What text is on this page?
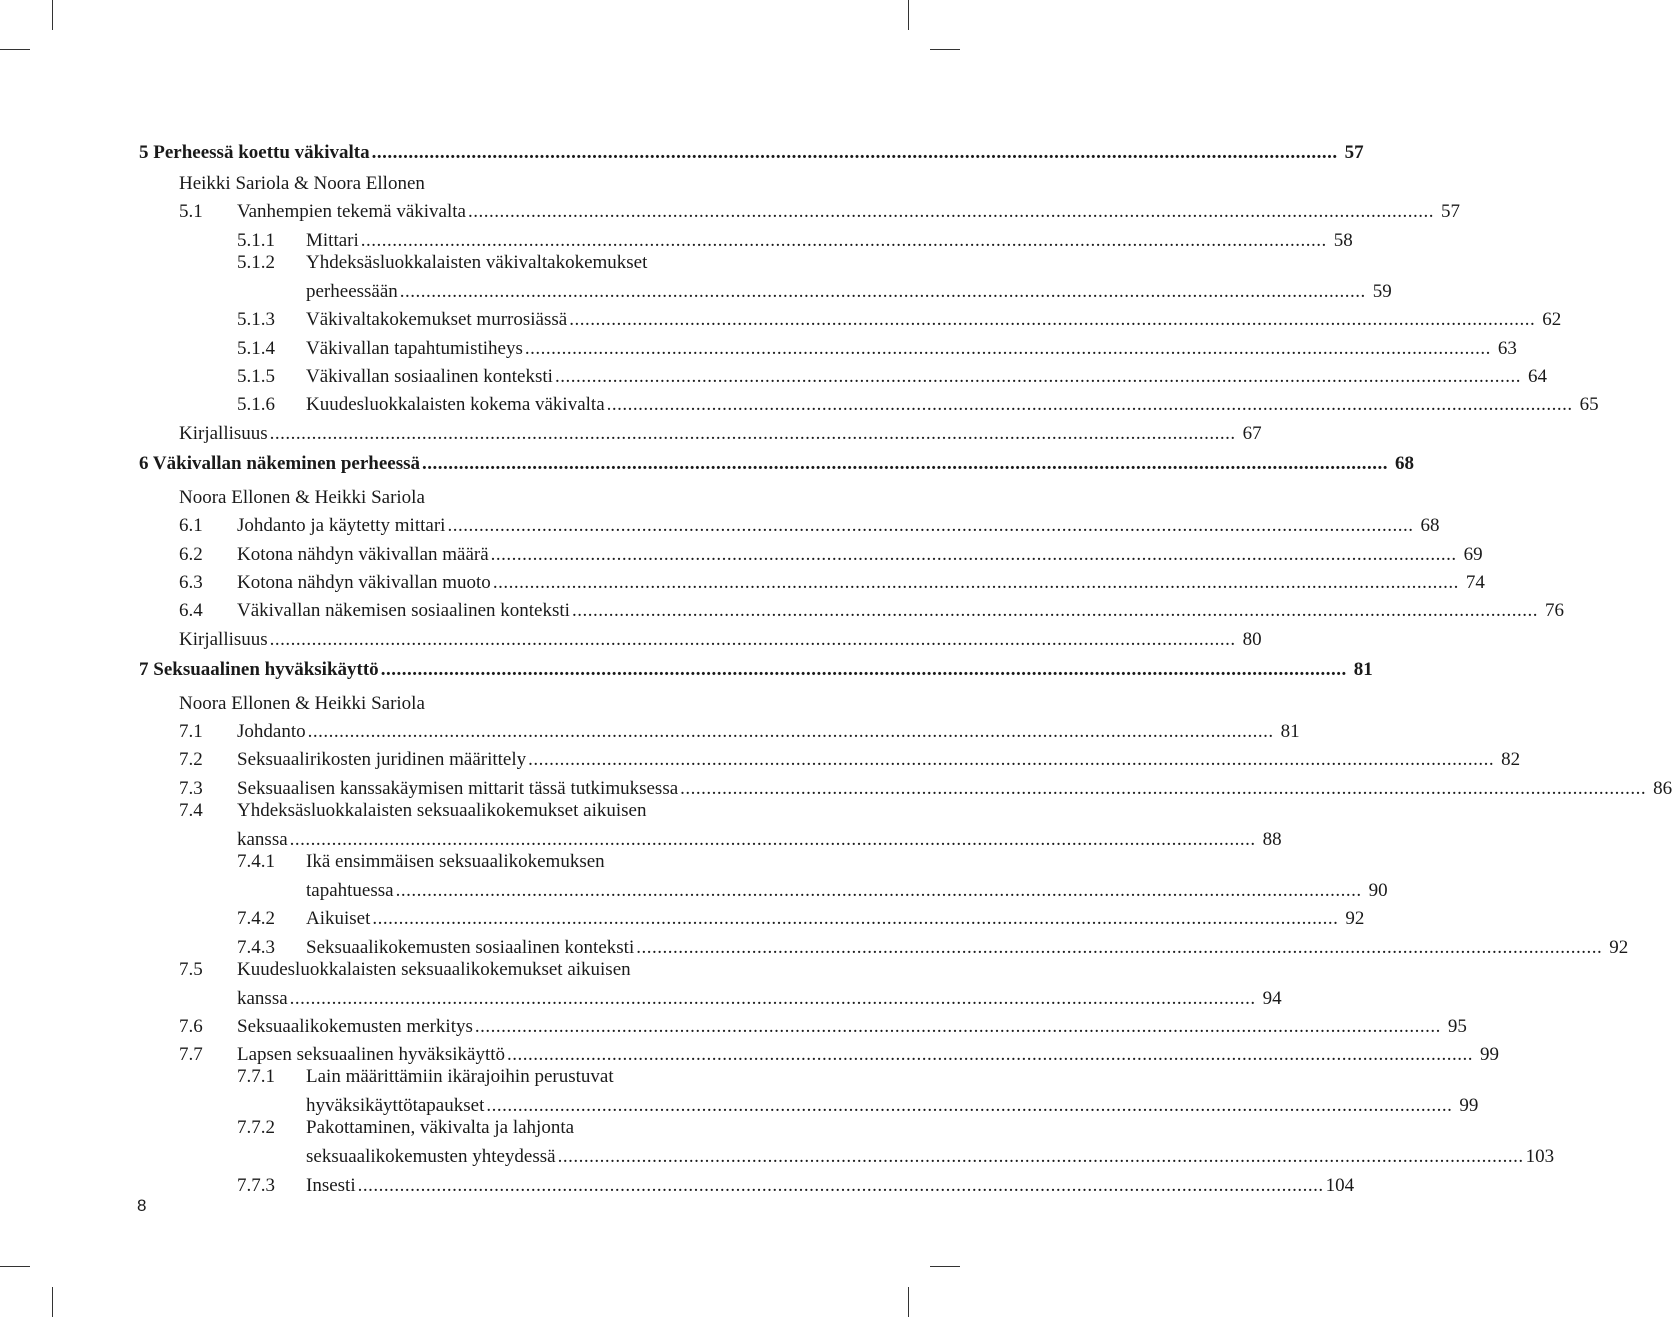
5 Perheessä koettu väkivalta .....	57
Heikki Sariola & Noora Ellonen
5.1	Vanhempien tekemä väkivalta .....	57
5.1.1	Mittari .....	58
5.1.2	Yhdeksäsluokkalaisten väkivaltakokemukset
perheessään .....	59
5.1.3	Väkivaltakokemukset murrosiässä .....	62
5.1.4	Väkivallan tapahtumistiheys .....	63
5.1.5	Väkivallan sosiaalinen konteksti .....	64
5.1.6	Kuudesluokkalaisten kokema väkivalta .....	65
Kirjallisuus .....	67
6 Väkivallan näkeminen perheessä .....	68
Noora Ellonen & Heikki Sariola
6.1	Johdanto ja käytetty mittari .....	68
6.2	Kotona nähdyn väkivallan määrä .....	69
6.3	Kotona nähdyn väkivallan muoto .....	74
6.4	Väkivallan näkemisen sosiaalinen konteksti .....	76
Kirjallisuus .....	80
7 Seksuaalinen hyväksikäyttö .....	81
Noora Ellonen & Heikki Sariola
7.1	Johdanto .....	81
7.2	Seksuaalirikosten juridinen määrittely .....	82
7.3	Seksuaalisen kanssakäymisen mittarit tässä tutkimuksessa .....	86
7.4	Yhdeksäsluokkalaisten seksuaalikokemukset aikuisen
kanssa .....	88
7.4.1	Ikä ensimmäisen seksuaalikokemuksen
tapahtuessa .....	90
7.4.2	Aikuiset .....	92
7.4.3	Seksuaalikokemusten sosiaalinen konteksti .....	92
7.5	Kuudesluokkalaisten seksuaalikokemukset aikuisen
kanssa .....	94
7.6	Seksuaalikokemusten merkitys .....	95
7.7	Lapsen seksuaalinen hyväksikäyttö .....	99
7.7.1	Lain määrittämiin ikärajoihin perustuvat
hyväksikäyttötapaukset .....	99
7.7.2	Pakottaminen, väkivalta ja lahjonta
seksuaalikokemusten yhteydessä .....	103
7.7.3	Insesti .....	104
8
